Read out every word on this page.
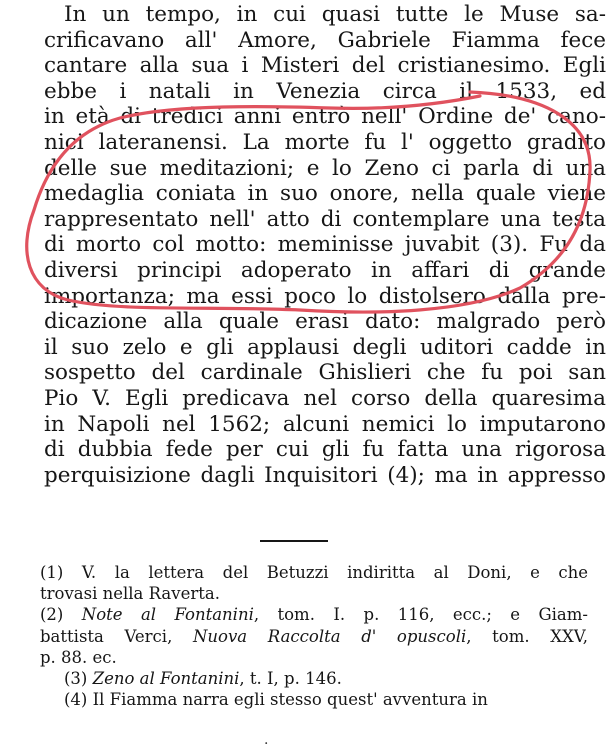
In un tempo, in cui quasi tutte le Muse sa-
crificavano all' Amore, Gabriele Fiamma fece
cantare alla sua i Misteri del cristianesimo. Egli
ebbe i natali in Venezia circa il 1533, ed
in età di tredici anni entrò nell' Ordine de' cano-
nici lateranensi. La morte fu l' oggetto gradito
delle sue meditazioni; e lo Zeno ci parla di una
medaglia coniata in suo onore, nella quale viene
rappresentato nell' atto di contemplare una testa
di morto col motto: meminisse juvabit (3). Fu da
diversi principi adoperato in affari di grande
importanza; ma essi poco lo distolsero dalla pre-
dicazione alla quale erasi dato: malgrado però
il suo zelo e gli applausi degli uditori cadde in
sospetto del cardinale Ghislieri che fu poi san
Pio V. Egli predicava nel corso della quaresima
in Napoli nel 1562; alcuni nemici lo imputarono
di dubbia fede per cui gli fu fatta una rigorosa
perquisizione dagli Inquisitori (4); ma in appresso
(1) V. la lettera del Betuzzi indiritta al Doni, e che
trovasi nella Raverta.
(2) Note al Fontanini, tom. I. p. 116, ecc.; e Giam-
battista Verci, Nuova Raccolta d' opuscoli, tom. XXV,
p. 88. ec.
(3) Zeno al Fontanini, t. I, p. 146.
(4) Il Fiamma narra egli stesso quest' avventura in
·
